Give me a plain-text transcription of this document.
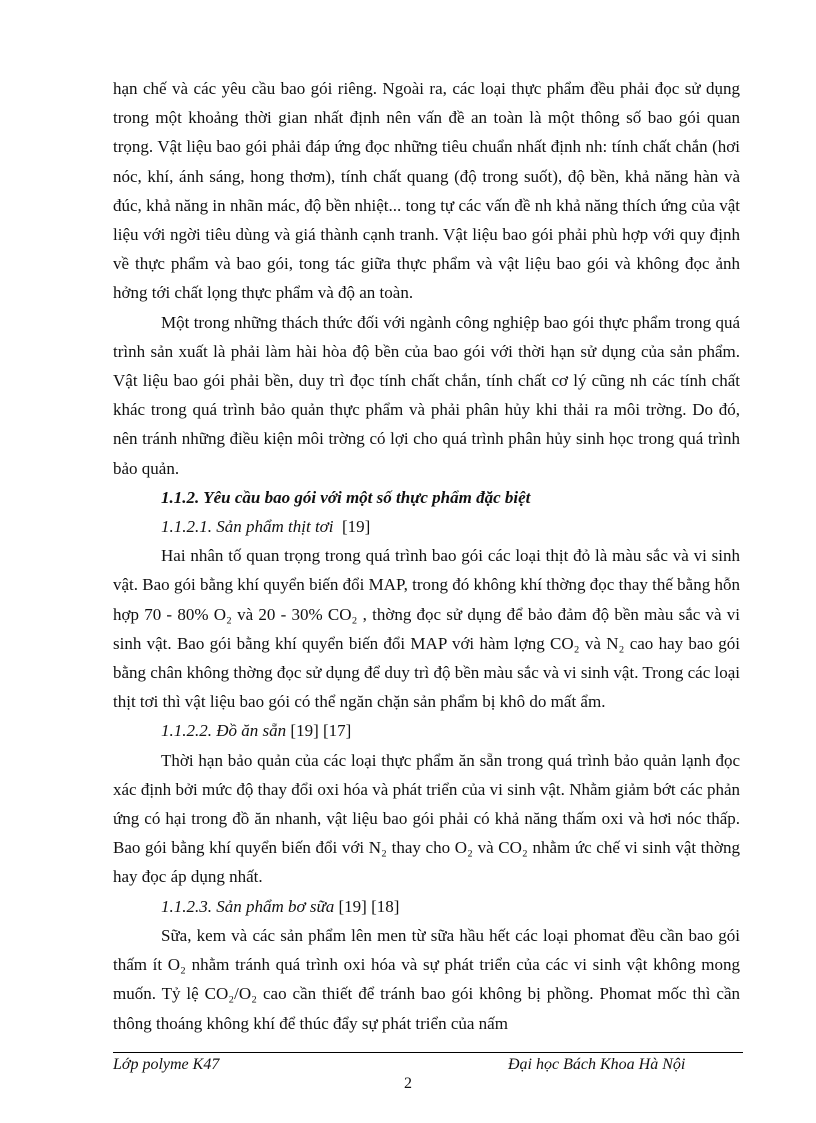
hạn chế và các yêu cầu bao gói riêng. Ngoài ra, các loại thực phẩm đều phải đọc sử dụng trong một khoảng thời gian nhất định nên vấn đề an toàn là một thông số bao gói quan trọng. Vật liệu bao gói phải đáp ứng đọc những tiêu chuẩn nhất định nh: tính chất chắn (hơi nóc, khí, ánh sáng, hong thơm), tính chất quang (độ trong suốt), độ bền, khả năng hàn và đúc, khả năng in nhãn mác, độ bền nhiệt... tong tự các vấn đề nh khả năng thích ứng của vật liệu với ngời tiêu dùng và giá thành cạnh tranh. Vật liệu bao gói phải phù hợp với quy định về thực phẩm và bao gói, tong tác giữa thực phẩm và vật liệu bao gói và không đọc ảnh hởng tới chất lọng thực phẩm và độ an toàn.

Một trong những thách thức đối với ngành công nghiệp bao gói thực phẩm trong quá trình sản xuất là phải làm hài hòa độ bền của bao gói với thời hạn sử dụng của sản phẩm. Vật liệu bao gói phải bền, duy trì đọc tính chất chắn, tính chất cơ lý cũng nh các tính chất khác trong quá trình bảo quản thực phẩm và phải phân hủy khi thải ra môi trờng. Do đó, nên tránh những điều kiện môi trờng có lợi cho quá trình phân hủy sinh học trong quá trình bảo quản.

1.1.2. Yêu cầu bao gói với một số thực phẩm đặc biệt
1.1.2.1. Sản phẩm thịt tơi [19]

Hai nhân tố quan trọng trong quá trình bao gói các loại thịt đỏ là màu sắc và vi sinh vật. Bao gói bằng khí quyển biến đổi MAP, trong đó không khí thờng đọc thay thế bằng hỗn hợp 70 - 80% O₂ và 20 - 30% CO₂ , thờng đọc sử dụng để bảo đảm độ bền màu sắc và vi sinh vật. Bao gói bằng khí quyển biến đổi MAP với hàm lợng CO₂ và N₂ cao hay bao gói bằng chân không thờng đọc sử dụng để duy trì độ bền màu sắc và vi sinh vật. Trong các loại thịt tơi thì vật liệu bao gói có thể ngăn chặn sản phẩm bị khô do mất ẩm.

1.1.2.2. Đồ ăn sẵn [19] [17]

Thời hạn bảo quản của các loại thực phẩm ăn sẵn trong quá trình bảo quản lạnh đọc xác định bởi mức độ thay đổi oxi hóa và phát triển của vi sinh vật. Nhằm giảm bớt các phản ứng có hại trong đồ ăn nhanh, vật liệu bao gói phải có khả năng thấm oxi và hơi nóc thấp. Bao gói bằng khí quyển biến đổi với N₂ thay cho O₂ và CO₂ nhằm ức chế vi sinh vật thờng hay đọc áp dụng nhất.

1.1.2.3. Sản phẩm bơ sữa [19] [18]

Sữa, kem và các sản phẩm lên men từ sữa hầu hết các loại phomat đều cần bao gói thấm ít O₂ nhằm tránh quá trình oxi hóa và sự phát triển của các vi sinh vật không mong muốn. Tỷ lệ CO₂/O₂ cao cần thiết để tránh bao gói không bị phồng. Phomat mốc thì cần thông thoáng không khí để thúc đẩy sự phát triển của nấm

Lớp polyme K47	Đại học Bách Khoa Hà Nội
2
